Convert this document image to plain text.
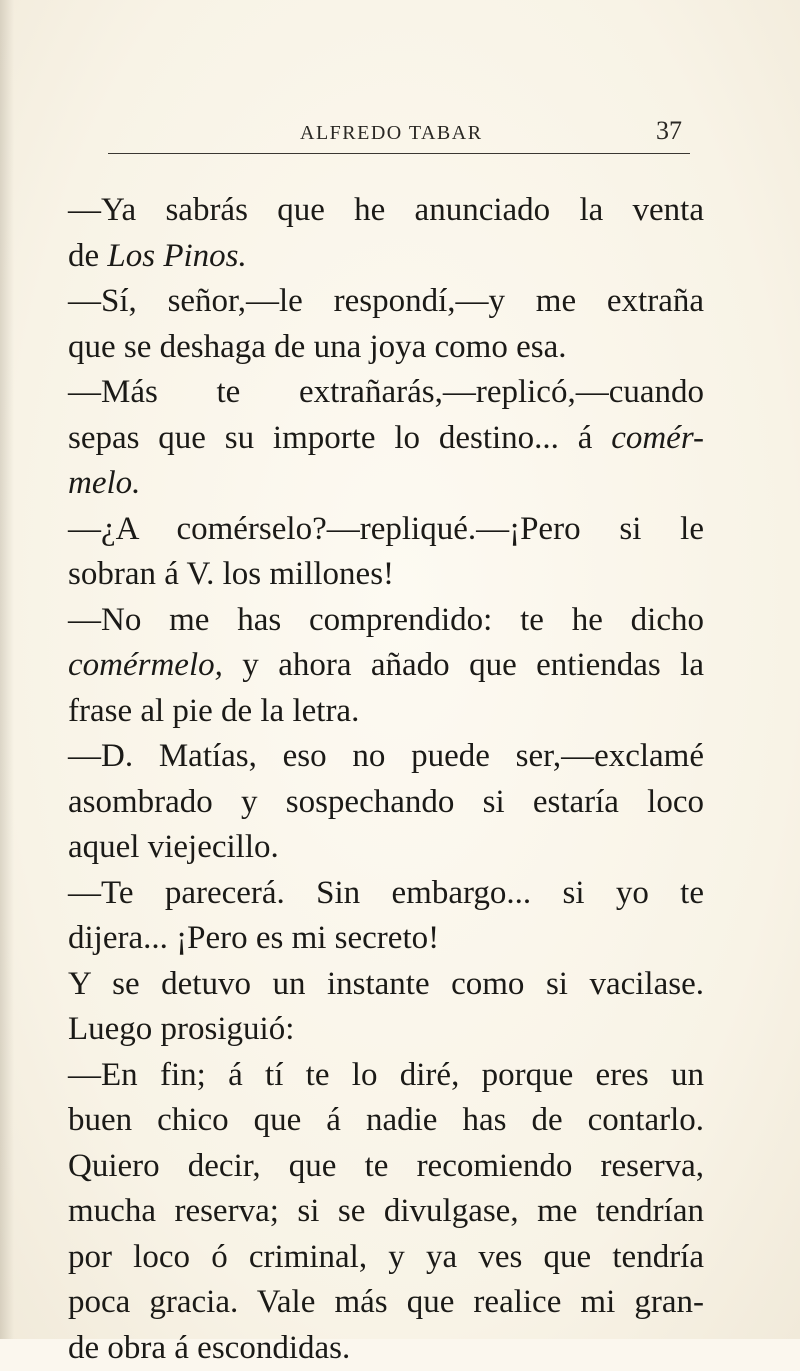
ALFREDO TABAR	37
—Ya sabrás que he anunciado la venta
de Los Pinos.
—Sí, señor,—le respondí,—y me extraña
que se deshaga de una joya como esa.
—Más te extrañarás,—replicó,—cuando
sepas que su importe lo destino... á comér-
melo.
—¿A comérselo?—repliqué.—¡Pero si le
sobran á V. los millones!
—No me has comprendido: te he dicho
comérmelo, y ahora añado que entiendas la
frase al pie de la letra.
—D. Matías, eso no puede ser,—exclamé
asombrado y sospechando si estaría loco
aquel viejecillo.
—Te parecerá. Sin embargo... si yo te
dijera... ¡Pero es mi secreto!
Y se detuvo un instante como si vacilase.
Luego prosiguió:
—En fin; á tí te lo diré, porque eres un
buen chico que á nadie has de contarlo.
Quiero decir, que te recomiendo reserva,
mucha reserva; si se divulgase, me tendrían
por loco ó criminal, y ya ves que tendría
poca gracia. Vale más que realice mi gran-
de obra á escondidas.
